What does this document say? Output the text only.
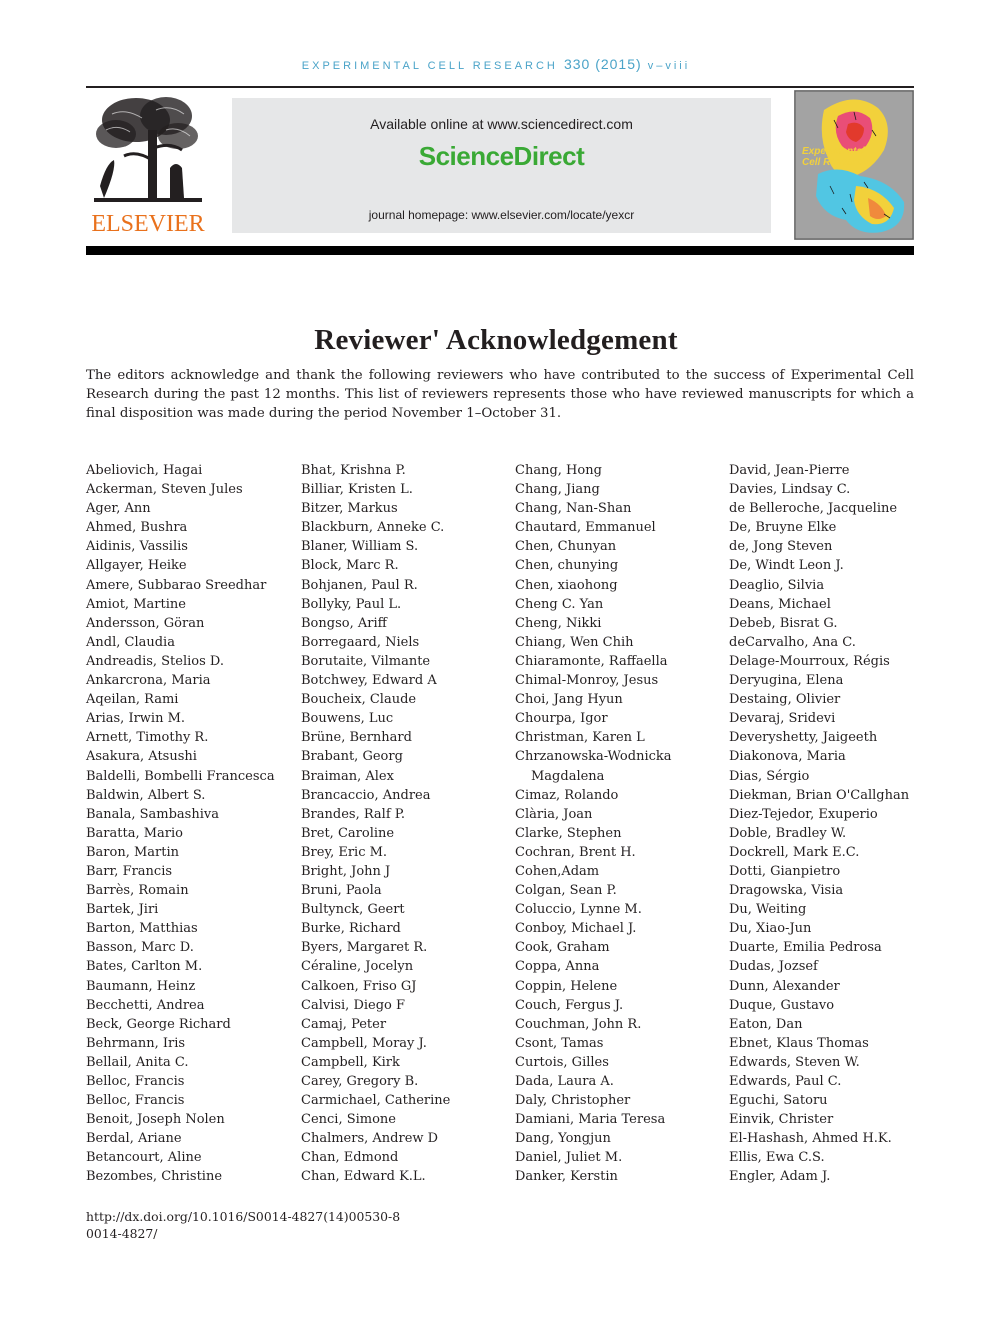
EXPERIMENTAL CELL RESEARCH 330 (2015) v–viii
ELSEVIER
Available online at www.sciencedirect.com
ScienceDirect
journal homepage: www.elsevier.com/locate/yexcr
Experimental
Cell Research
Reviewer' Acknowledgement

The editors acknowledge and thank the following reviewers who have contributed to the success of Experimental Cell Research during the past 12 months. This list of reviewers represents those who have reviewed manuscripts for which a final disposition was made during the period November 1–October 31.

Abeliovich, Hagai
Ackerman, Steven Jules
Ager, Ann
Ahmed, Bushra
Aidinis, Vassilis
Allgayer, Heike
Amere, Subbarao Sreedhar
Amiot, Martine
Andersson, Göran
Andl, Claudia
Andreadis, Stelios D.
Ankarcrona, Maria
Aqeilan, Rami
Arias, Irwin M.
Arnett, Timothy R.
Asakura, Atsushi
Baldelli, Bombelli Francesca
Baldwin, Albert S.
Banala, Sambashiva
Baratta, Mario
Baron, Martin
Barr, Francis
Barrès, Romain
Bartek, Jiri
Barton, Matthias
Basson, Marc D.
Bates, Carlton M.
Baumann, Heinz
Becchetti, Andrea
Beck, George Richard
Behrmann, Iris
Bellail, Anita C.
Belloc, Francis
Belloc, Francis
Benoit, Joseph Nolen
Berdal, Ariane
Betancourt, Aline
Bezombes, Christine
Bhat, Krishna P.
Billiar, Kristen L.
Bitzer, Markus
Blackburn, Anneke C.
Blaner, William S.
Block, Marc R.
Bohjanen, Paul R.
Bollyky, Paul L.
Bongso, Ariff
Borregaard, Niels
Borutaite, Vilmante
Botchwey, Edward A
Boucheix, Claude
Bouwens, Luc
Brüne, Bernhard
Brabant, Georg
Braiman, Alex
Brancaccio, Andrea
Brandes, Ralf P.
Bret, Caroline
Brey, Eric M.
Bright, John J
Bruni, Paola
Bultynck, Geert
Burke, Richard
Byers, Margaret R.
Céraline, Jocelyn
Calkoen, Friso GJ
Calvisi, Diego F
Camaj, Peter
Campbell, Moray J.
Campbell, Kirk
Carey, Gregory B.
Carmichael, Catherine
Cenci, Simone
Chalmers, Andrew D
Chan, Edmond
Chan, Edward K.L.
Chang, Hong
Chang, Jiang
Chang, Nan-Shan
Chautard, Emmanuel
Chen, Chunyan
Chen, chunying
Chen, xiaohong
Cheng C. Yan
Cheng, Nikki
Chiang, Wen Chih
Chiaramonte, Raffaella
Chimal-Monroy, Jesus
Choi, Jang Hyun
Chourpa, Igor
Christman, Karen L
Chrzanowska-Wodnicka
Magdalena
Cimaz, Rolando
Clària, Joan
Clarke, Stephen
Cochran, Brent H.
Cohen,Adam
Colgan, Sean P.
Coluccio, Lynne M.
Conboy, Michael J.
Cook, Graham
Coppa, Anna
Coppin, Helene
Couch, Fergus J.
Couchman, John R.
Csont, Tamas
Curtois, Gilles
Dada, Laura A.
Daly, Christopher
Damiani, Maria Teresa
Dang, Yongjun
Daniel, Juliet M.
Danker, Kerstin
David, Jean-Pierre
Davies, Lindsay C.
de Belleroche, Jacqueline
De, Bruyne Elke
de, Jong Steven
De, Windt Leon J.
Deaglio, Silvia
Deans, Michael
Debeb, Bisrat G.
deCarvalho, Ana C.
Delage-Mourroux, Régis
Deryugina, Elena
Destaing, Olivier
Devaraj, Sridevi
Deveryshetty, Jaigeeth
Diakonova, Maria
Dias, Sérgio
Diekman, Brian O'Callghan
Diez-Tejedor, Exuperio
Doble, Bradley W.
Dockrell, Mark E.C.
Dotti, Gianpietro
Dragowska, Visia
Du, Weiting
Du, Xiao-Jun
Duarte, Emilia Pedrosa
Dudas, Jozsef
Dunn, Alexander
Duque, Gustavo
Eaton, Dan
Ebnet, Klaus Thomas
Edwards, Steven W.
Edwards, Paul C.
Eguchi, Satoru
Einvik, Christer
El-Hashash, Ahmed H.K.
Ellis, Ewa C.S.
Engler, Adam J.
http://dx.doi.org/10.1016/S0014-4827(14)00530-8
0014-4827/
